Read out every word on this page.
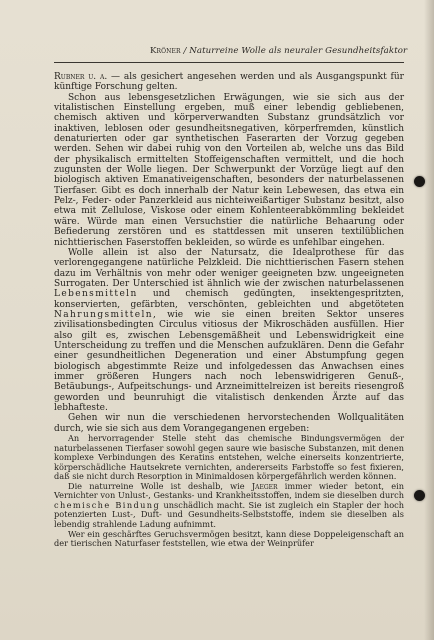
Kröner / Naturreine Wolle als neuraler Gesundheitsfaktor

Rubner u. a. — als gesichert angesehen werden und als Ausgangspunkt für künftige Forschung gelten.

Schon aus lebensgesetzlichen Erwägungen, wie sie sich aus der vitalistischen Einstellung ergeben, muß einer lebendig gebliebenen, chemisch aktiven und körperverwandten Substanz grundsätzlich vor inaktiven, leblosen oder gesundheitsnegativen, körperfremden, künstlich denaturierten oder gar synthetischen Faserarten der Vorzug gegeben werden. Sehen wir dabei ruhig von den Vorteilen ab, welche uns das Bild der physikalisch ermittelten Stoffeigenschaften vermittelt, und die hoch zugunsten der Wolle liegen. Der Schwerpunkt der Vorzüge liegt auf den biologisch aktiven Emanativeigenschaften, besonders der naturbelassenen Tierfaser. Gibt es doch innerhalb der Natur kein Lebewesen, das etwa ein Pelz-, Feder- oder Panzerkleid aus nichteiweißartiger Substanz besitzt, also etwa mit Zellulose, Viskose oder einem Kohlenteerabkömmling bekleidet wäre. Würde man einen Versuchstier die natürliche Behaarung oder Befiederung zerstören und es stattdessen mit unseren textilüblichen nichttierischen Faserstoffen bekleiden, so würde es unfehlbar eingehen.

Wolle allein ist also der Natursatz, die Idealprothese für das verlorengegangene natürliche Pelzkleid. Die nichttierischen Fasern stehen dazu im Verhältnis von mehr oder weniger geeigneten bzw. ungeeigneten Surrogaten. Der Unterschied ist ähnlich wie der zwischen naturbelassenen Lebensmitteln und chemisch gedüngten, insektengespritzten, konservierten, gefärbten, verschönten, gebleichten und abgetöteten Nahrungsmitteln, wie wie sie einen breiten Sektor unseres zivilisationsbedingten Circulus vitiosus der Mikroschäden ausfüllen. Hier also gilt es, zwischen Lebensgemäßheit und Lebenswidrigkeit eine Unterscheidung zu treffen und die Menschen aufzuklären. Denn die Gefahr einer gesundheitlichen Degeneration und einer Abstumpfung gegen biologisch abgestimmte Reize und infolgedessen das Anwachsen eines immer größeren Hungers nach noch lebenswidrigeren Genuß-, Betäubungs-, Aufpeitschungs- und Arzneimittelreizen ist bereits riesengroß geworden und beunruhigt die vitalistisch denkenden Ärzte auf das lebhafteste.

Gehen wir nun die verschiedenen hervorstechenden Wollqualitäten durch, wie sie sich aus dem Vorangegangenen ergeben:

An hervorragender Stelle steht das chemische Bindungsvermögen der naturbelassenen Tierfaser sowohl gegen saure wie basische Substanzen, mit denen komplexe Verbindungen des Keratins entstehen, welche einerseits konzentrierte, körperschädliche Hautsekrete vernichten, andererseits Farbstoffe so fest fixieren, daß sie nicht durch Resorption in Minimaldosen körpergefährlich werden können.

Die naturreine Wolle ist deshalb, wie Jaeger immer wieder betont, ein Vernichter von Unlust-, Gestanks- und Krankheitsstoffen, indem sie dieselben durch chemische Bindung unschädlich macht. Sie ist zugleich ein Stapler der hoch potenzierten Lust-, Duft- und Gesundheits-Selbststoffe, indem sie dieselben als lebendig strahlende Ladung aufnimmt.

Wer ein geschärftes Geruchsvermögen besitzt, kann diese Doppeleigenschaft an der tierischen Naturfaser feststellen, wie etwa der Weinprüfer
